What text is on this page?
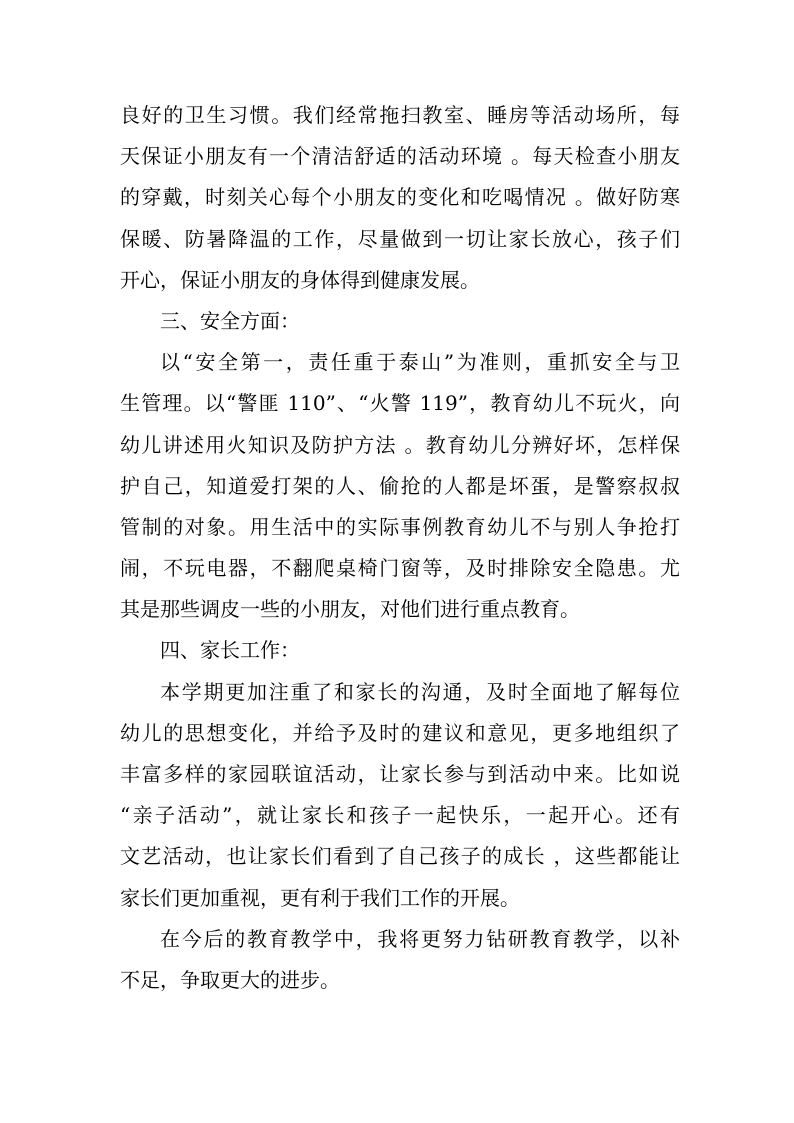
良好的卫生习惯。我们经常拖扫教室、睡房等活动场所，每
天保证小朋友有一个清洁舒适的活动环境 。每天检查小朋友
的穿戴，时刻关心每个小朋友的变化和吃喝情况 。做好防寒
保暖、防暑降温的工作，尽量做到一切让家长放心，孩子们
开心，保证小朋友的身体得到健康发展。
三、安全方面：
以“安全第一，责任重于泰山”为准则，重抓安全与卫
生管理。以“警匪 110”、“火警 119”，教育幼儿不玩火，向
幼儿讲述用火知识及防护方法 。教育幼儿分辨好坏，怎样保
护自己，知道爱打架的人、偷抢的人都是坏蛋，是警察叔叔
管制的对象。用生活中的实际事例教育幼儿不与别人争抢打
闹，不玩电器，不翻爬桌椅门窗等，及时排除安全隐患。尤
其是那些调皮一些的小朋友，对他们进行重点教育。
四、家长工作：
本学期更加注重了和家长的沟通，及时全面地了解每位
幼儿的思想变化，并给予及时的建议和意见，更多地组织了
丰富多样的家园联谊活动，让家长参与到活动中来。比如说
“亲子活动”，就让家长和孩子一起快乐，一起开心。还有
文艺活动，也让家长们看到了自己孩子的成长 ，这些都能让
家长们更加重视，更有利于我们工作的开展。
在今后的教育教学中，我将更努力钻研教育教学，以补
不足，争取更大的进步。
